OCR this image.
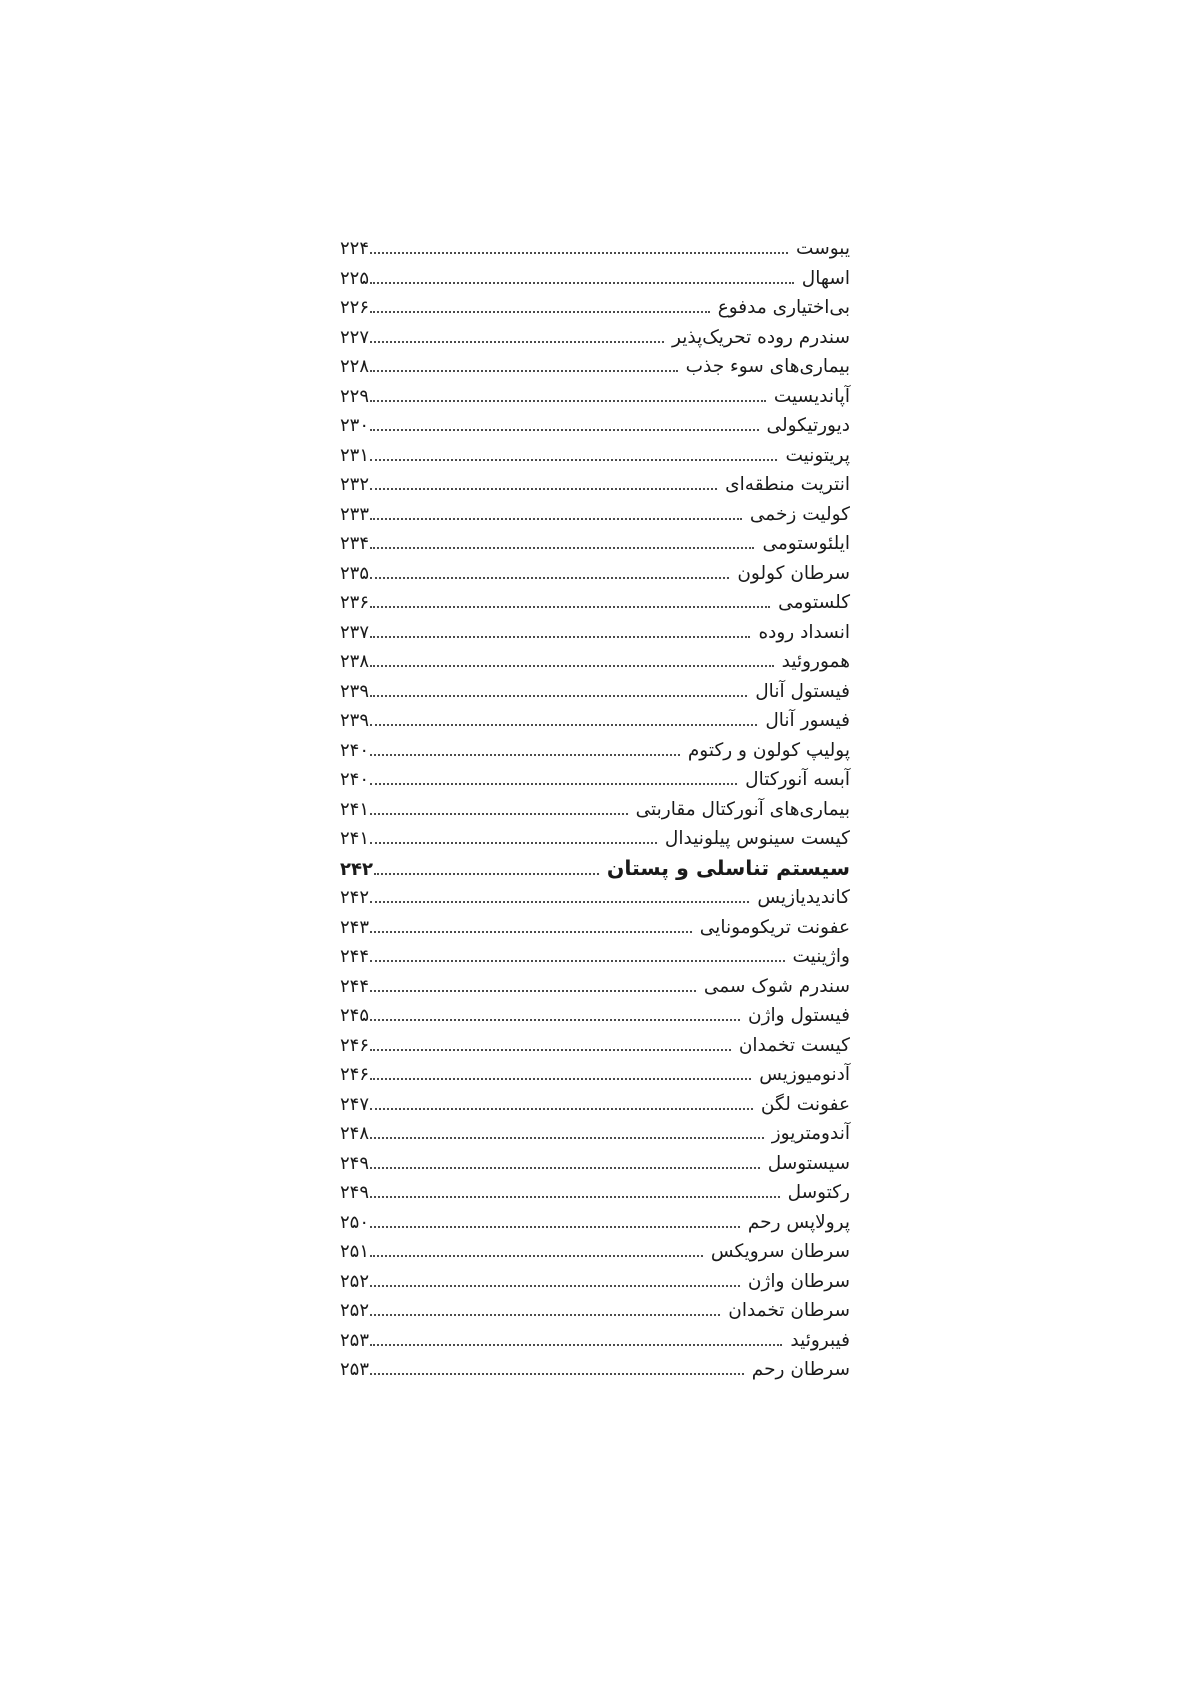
یبوست
۲۲۴
اسهال
۲۲۵
بی‌اختیاری مدفوع
۲۲۶
سندرم روده تحریک‌پذیر
۲۲۷
بیماری‌های سوء جذب
۲۲۸
آپاندیسیت
۲۲۹
دیورتیکولی
۲۳۰
پریتونیت
۲۳۱
انتریت منطقه‌ای
۲۳۲
کولیت زخمی
۲۳۳
ایلئوستومی
۲۳۴
سرطان کولون
۲۳۵
کلستومی
۲۳۶
انسداد روده
۲۳۷
هموروئید
۲۳۸
فیستول آنال
۲۳۹
فیسور آنال
۲۳۹
پولیپ کولون و رکتوم
۲۴۰
آبسه آنورکتال
۲۴۰
بیماری‌های آنورکتال مقاربتی
۲۴۱
کیست سینوس پیلونیدال
۲۴۱
سیستم تناسلی و پستان
۲۴۲
کاندیدیازیس
۲۴۲
عفونت تریکومونایی
۲۴۳
واژینیت
۲۴۴
سندرم شوک سمی
۲۴۴
فیستول واژن
۲۴۵
کیست تخمدان
۲۴۶
آدنومیوزیس
۲۴۶
عفونت لگن
۲۴۷
آندومتریوز
۲۴۸
سیستوسل
۲۴۹
رکتوسل
۲۴۹
پرولاپس رحم
۲۵۰
سرطان سرویکس
۲۵۱
سرطان واژن
۲۵۲
سرطان تخمدان
۲۵۲
فیبروئید
۲۵۳
سرطان رحم
۲۵۳
